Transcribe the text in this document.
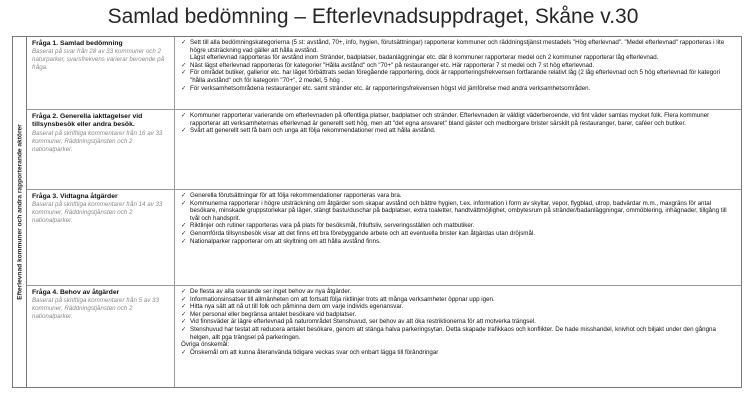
Samlad bedömning – Efterlevnadsuppdraget, Skåne v.30
Efterlevnad kommuner och andra rapporterande aktörer
Fråga 1. Samlad bedömning
Baserat på svar från 28 av 33 kommuner och 2 naturparker, svarsfrekvens varierar beroende på fråga.
✓ Sett till alla bedömningskategorierna (5 st: avstånd, 70+, info, hygien, förutsättningar) rapporterar kommuner och räddningstjänst mestadels "Hög efterlevnad". "Medel efterlevnad" rapporteras i lite högre utsträckning vad gäller att hålla avstånd.
Lägst efterlevnad rapporteras för avstånd inom Stränder, badplatser, badanläggningar etc. där 8 kommuner rapporterar medel och 2 kommuner rapporterar låg efterlevnad.
✓ Näst lägst efterlevnad rapporteras för kategorier "Hålla avstånd" och "70+" på restauranger etc. Här rapporterar 7 st medel och 7 st hög efterlevnad.
✓ För området butiker, gallerior etc. har läget förbättrats sedan föregående rapportering, dock är rapporteringsfrekvensen fortfarande relativt låg (2 låg efterlevnad och 5 hög efterlevnad för kategori "hålla avstånd" och för kategorin "70+", 2 medel, 5 hög .
✓ För verksamhetsområdena restauranger etc. samt stränder etc. är rapporteringsfrekvensen högst vid jämförelse med andra verksamhetsområden.
Fråga 2. Generella iakttagelser vid tillsynsbesök eller andra besök.
Baserat på skriftliga kommentarer från 16 av 33 kommuner, Räddningstjänsten och 2 nationalparker.
✓ Kommuner rapporterar varierande om efterlevnaden på offentliga platser, badplatser och stränder. Efterlevnaden är väldigt väderberoende, vid fint väder samlas mycket folk. Flera kommuner rapporterar att verksamheternas efterlevnad är generellt sett hög, men att "det egna ansvaret" bland gäster och medborgare brister särskilt på restauranger, barer, caféer och butiker.
✓ Svårt att generellt sett få barn och unga att följa rekommendationer med att hålla avstånd.
Fråga 3. Vidtagna åtgärder
Baserat på skriftliga kommentarer från 14 av 33 kommuner, Räddningstjänsten och 2 nationalparker.
✓ Generella förutsättningar för att följa rekommendationer rapporteras vara bra.
✓ Kommunerna rapporterar i högre utsträckning om åtgärder som skapar avstånd och bättre hygien, t.ex. information i form av skyltar, vepor, flygblad, utrop, badvärdar m.m., maxgräns för antal besökare, minskade gruppstorlekar på läger, stängt bastu/duschar på badplatser, extra toaletter, handtvättmöjlighet, ombytesrum på stränder/badanläggningar, ommöblering, inhägnader, tillgång till tvål och handsprit.
✓ Riktlinjer och rutiner rapporteras vara på plats för besöksmål, friluftsliv, serveringsställen och matbutiker.
✓ Genomförda tillsynsbesök visar att det finns ett bra förebyggande arbete och att eventuella brister kan åtgärdas utan dröjsmål.
✓ Nationalparker rapporterar om att skyltning om att hålla avstånd finns.
Fråga 4. Behov av åtgärder
Baserat på skriftliga kommentarer från 5 av 33 kommuner, Räddningstjänsten och 2 nationalparker.
✓ De flesta av alla svarande ser inget behov av nya åtgärder.
✓ Informationsinsatser till allmänheten om att fortsatt följa riktlinjer trots att många verksamheter öppnar upp igen.
✓ Hitta nya sätt att nå ut till folk och påminna dem om varje individs egenansvar.
✓ Mer personal eller begränsa antalet besökare vid badplatser.
✓ Vid finnsväder är lägre efterlevnad på naturområdet Stenshuvud, ser behov av att öka restriktionerna för att motverka trängsel.
✓ Stenshuvud har testat att reducera antalet besökare, genom att stänga halva parkeringsytan. Detta skapade trafikkaos och konflikter. De hade misshandel, knivhot och biljakt under den gångna helgen, allt pga trängsel på parkeringen.
Övriga önskemål:
✓ Önskemål om att kunna återanvända tidigare veckas svar och enbart lägga till förändringar
